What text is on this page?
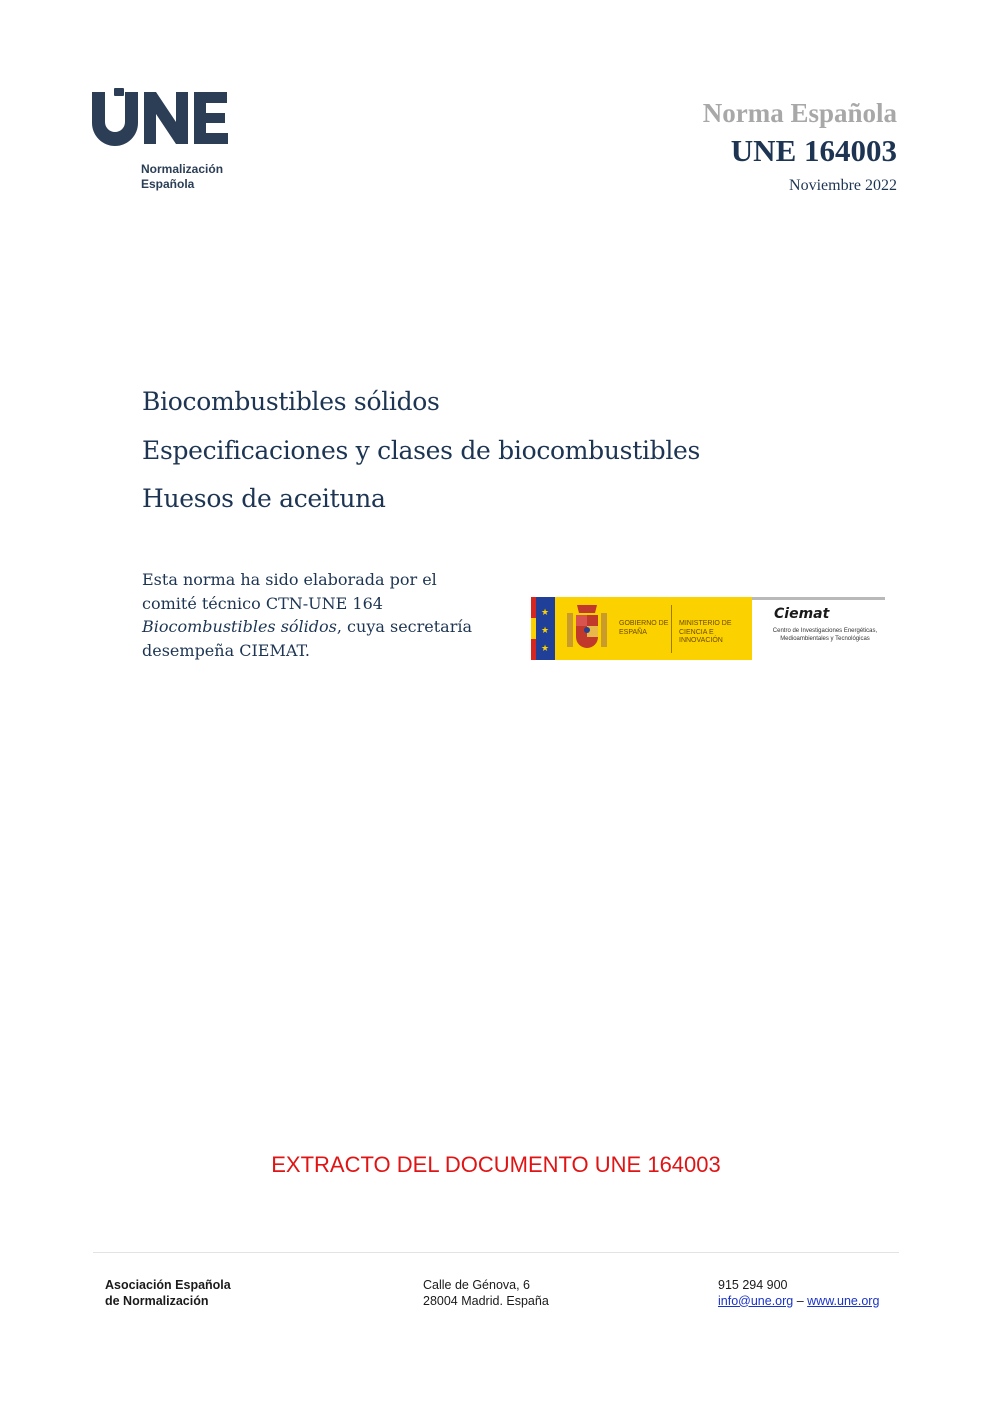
Normalización
Española
Norma Española
UNE 164003
Noviembre 2022
Biocombustibles sólidos
Especificaciones y clases de biocombustibles
Huesos de aceituna
Esta norma ha sido elaborada por el
comité técnico CTN-UNE 164
Biocombustibles sólidos, cuya secretaría
desempeña CIEMAT.
★
★
★
GOBIERNO DE ESPAÑA
MINISTERIO DE CIENCIA E INNOVACIÓN
Ciemat
Centro de Investigaciones Energéticas, Medioambientales y Tecnológicas
EXTRACTO DEL DOCUMENTO UNE 164003
Asociación Española
de Normalización
Calle de Génova, 6
28004 Madrid. España
915 294 900
info@une.org – www.une.org
